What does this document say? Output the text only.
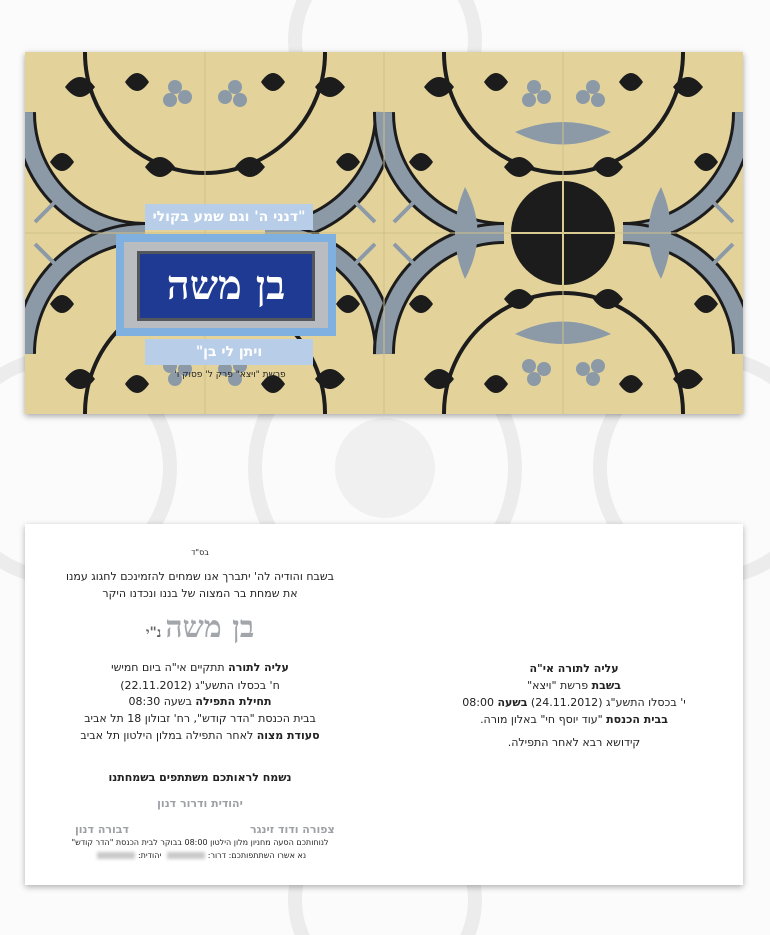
"דנני ה' וגם שמע בקולי
בן משה
ויתן לי בן"
פרשת "ויצא" פרק ל' פסוק ו'
בס"ד
בשבח והודיה לה' יתברך אנו שמחים להזמינכם לחגוג עמנו
את שמחת בר המצוה של בננו ונכדנו היקר
בן משהנ"י
עליה לתורה תתקיים אי"ה ביום חמישי
ח' בכסלו התשע"ג (22.11.2012)
תחילת התפילה בשעה 08:30
בבית הכנסת "הדר קודש", רח' זבולון 18 תל אביב
סעודת מצוה לאחר התפילה במלון הילטון תל אביב
נשמח לראותכם משתתפים בשמחתנו
יהודית ודרור דנון
צפורה ודוד זינגר
דבורה דנון
לנוחותכם הסעה מחניון מלון הילטון 08:00 בבוקר לבית הכנסת "הדר קודש"
נא אשרו השתתפותכם: דרור: יהודית:
עליה לתורה אי"ה
בשבת פרשת "ויצא"
י' בכסלו התשע"ג (24.11.2012) בשעה 08:00
בבית הכנסת "עוד יוסף חי" באלון מורה.
קידושא רבא לאחר התפילה.
